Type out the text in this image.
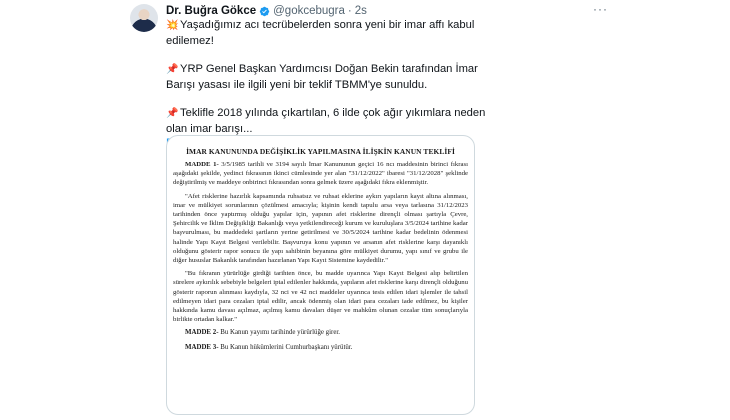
Dr. Buğra Gökce @gokcebugra · 2s	···

💥 Yaşadığımız acı tecrübelerden sonra yeni bir imar affı kabul edilemez!

📌 YRP Genel Başkan Yardımcısı Doğan Bekin tarafından İmar Barışı yasası ile ilgili yeni bir teklif TBMM'ye sunuldu.

📌 Teklifle 2018 yılında çıkartılan, 6 ilde çok ağır yıkımlara neden olan imar barışı...

İMAR KANUNUNDA DEĞİŞİKLİK YAPILMASINA İLİŞKİN KANUN TEKLİFİ
MADDE 1- 3/5/1985 tarihli ve 3194 sayılı İmar Kanununun geçici 16 ncı maddesinin birinci fıkrası aşağıdaki şekilde, yedinci fıkrasının ikinci cümlesinde yer alan "31/12/2022" ibaresi "31/12/2028" şeklinde değiştirilmiş ve maddeye onbirinci fıkrasından sonra gelmek üzere aşağıdaki fıkra eklenmiştir.
"Afet risklerine hazırlık kapsamında ruhsatsız ve ruhsat eklerine aykırı yapıların kayıt altına alınması, imar ve mülkiyet sorunlarının çözülmesi amacıyla; kişinin kendi tapulu arsa veya tarlasına 31/12/2023 tarihinden önce yaptırmış olduğu yapılar için, yapının afet risklerine dirençli olması şartıyla Çevre, Şehircilik ve İklim Değişikliği Bakanlığı veya yetkilendireceği kurum ve kuruluşlara 3/5/2024 tarihine kadar başvurulması, bu maddedeki şartların yerine getirilmesi ve 30/5/2024 tarihine kadar bedelinin ödenmesi halinde Yapı Kayıt Belgesi verilebilir. Başvuruya konu yapının ve arsanın afet risklerine karşı dayanıklı olduğunu gösterir rapor sonucu ile yapı sahibinin beyanına göre mülkiyet durumu, yapı sınıf ve grubu ile diğer hususlar Bakanlık tarafından hazırlanan Yapı Kayıt Sistemine kaydedilir."
"Bu fıkranın yürürlüğe girdiği tarihten önce, bu madde uyarınca Yapı Kayıt Belgesi alıp belirtilen sürelere aykırılık sebebiyle belgeleri iptal edilenler hakkında, yapıların afet risklerine karşı dirençli olduğunu gösterir raporun alınması kaydıyla, 32 nci ve 42 nci maddeler uyarınca tesis edilen idari işlemler ile tahsil edilmeyen idari para cezaları iptal edilir, ancak ödenmiş olan idari para cezaları iade edilmez, bu kişiler hakkında kamu davası açılmaz, açılmış kamu davaları düşer ve mahkûm olunan cezalar tüm sonuçlarıyla birlikte ortadan kalkar."
MADDE 2- Bu Kanun yayımı tarihinde yürürlüğe girer.
MADDE 3- Bu Kanun hükümlerini Cumhurbaşkanı yürütür.
